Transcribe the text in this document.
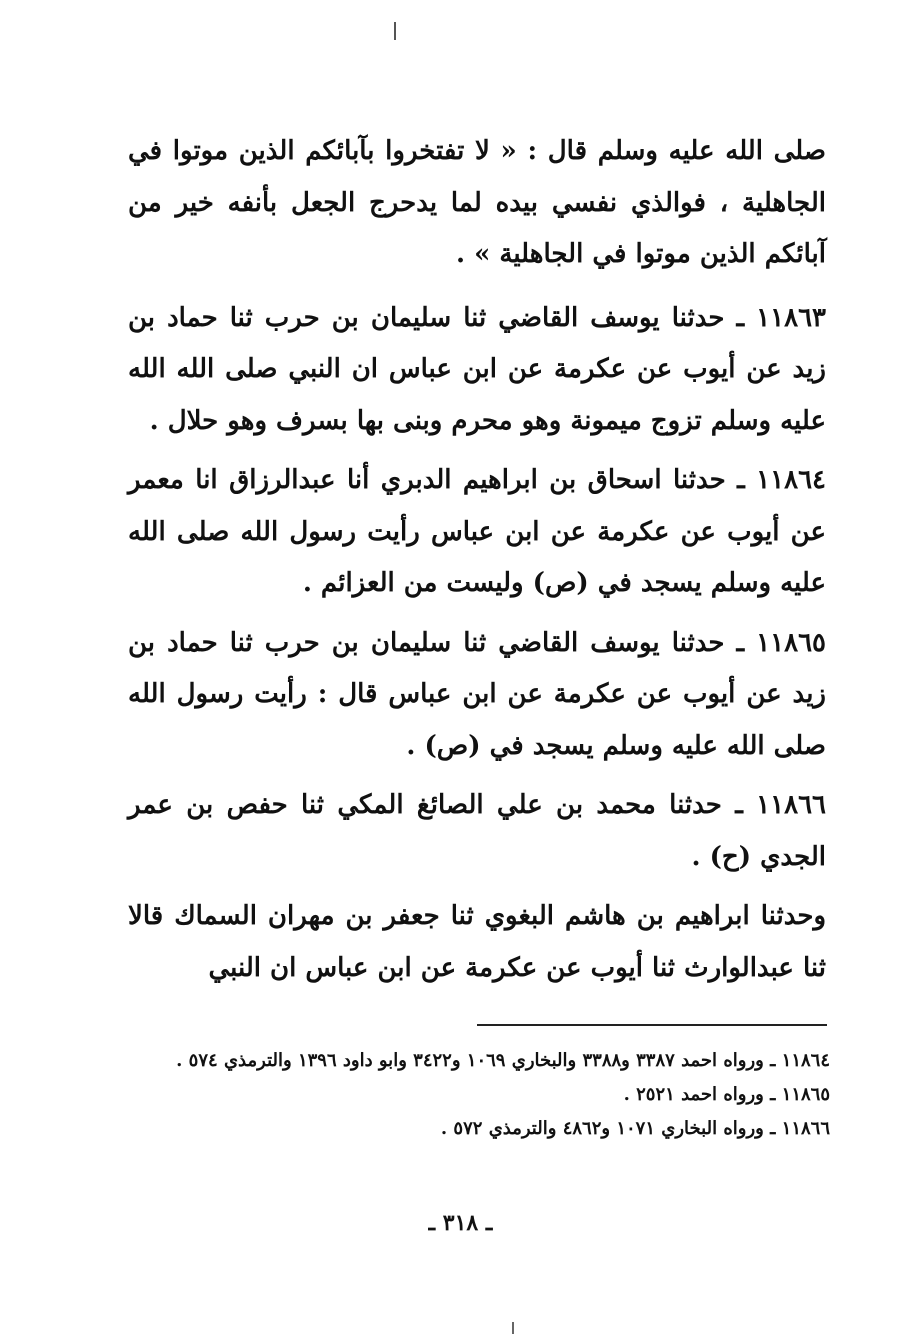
صلى الله عليه وسلم قال : « لا تفتخروا بآبائكم الذين موتوا في الجاهلية ، فوالذي نفسي بيده لما يدحرج الجعل بأنفه خير من آبائكم الذين موتوا في الجاهلية » .

١١٨٦٣ ـ حدثنا يوسف القاضي ثنا سليمان بن حرب ثنا حماد بن زيد عن أيوب عن عكرمة عن ابن عباس ان النبي صلى الله الله عليه وسلم تزوج ميمونة وهو محرم وبنى بها بسرف وهو حلال .

١١٨٦٤ ـ حدثنا اسحاق بن ابراهيم الدبري أنا عبدالرزاق انا معمر عن أيوب عن عكرمة عن ابن عباس رأيت رسول الله صلى الله عليه وسلم يسجد في (ص) وليست من العزائم .

١١٨٦٥ ـ حدثنا يوسف القاضي ثنا سليمان بن حرب ثنا حماد بن زيد عن أيوب عن عكرمة عن ابن عباس قال : رأيت رسول الله صلى الله عليه وسلم يسجد في (ص) .

١١٨٦٦ ـ حدثنا محمد بن علي الصائغ المكي ثنا حفص بن عمر الجدي (ح) .

وحدثنا ابراهيم بن هاشم البغوي ثنا جعفر بن مهران السماك قالا ثنا عبدالوارث ثنا أيوب عن عكرمة عن ابن عباس ان النبي

١١٨٦٤ ـ ورواه احمد ٣٣٨٧ و٣٣٨٨ والبخاري ١٠٦٩ و٣٤٢٢ وابو داود ١٣٩٦ والترمذي ٥٧٤ .

١١٨٦٥ ـ ورواه احمد ٢٥٢١ .

١١٨٦٦ ـ ورواه البخاري ١٠٧١ و٤٨٦٢ والترمذي ٥٧٢ .

ـ ٣١٨ ـ
